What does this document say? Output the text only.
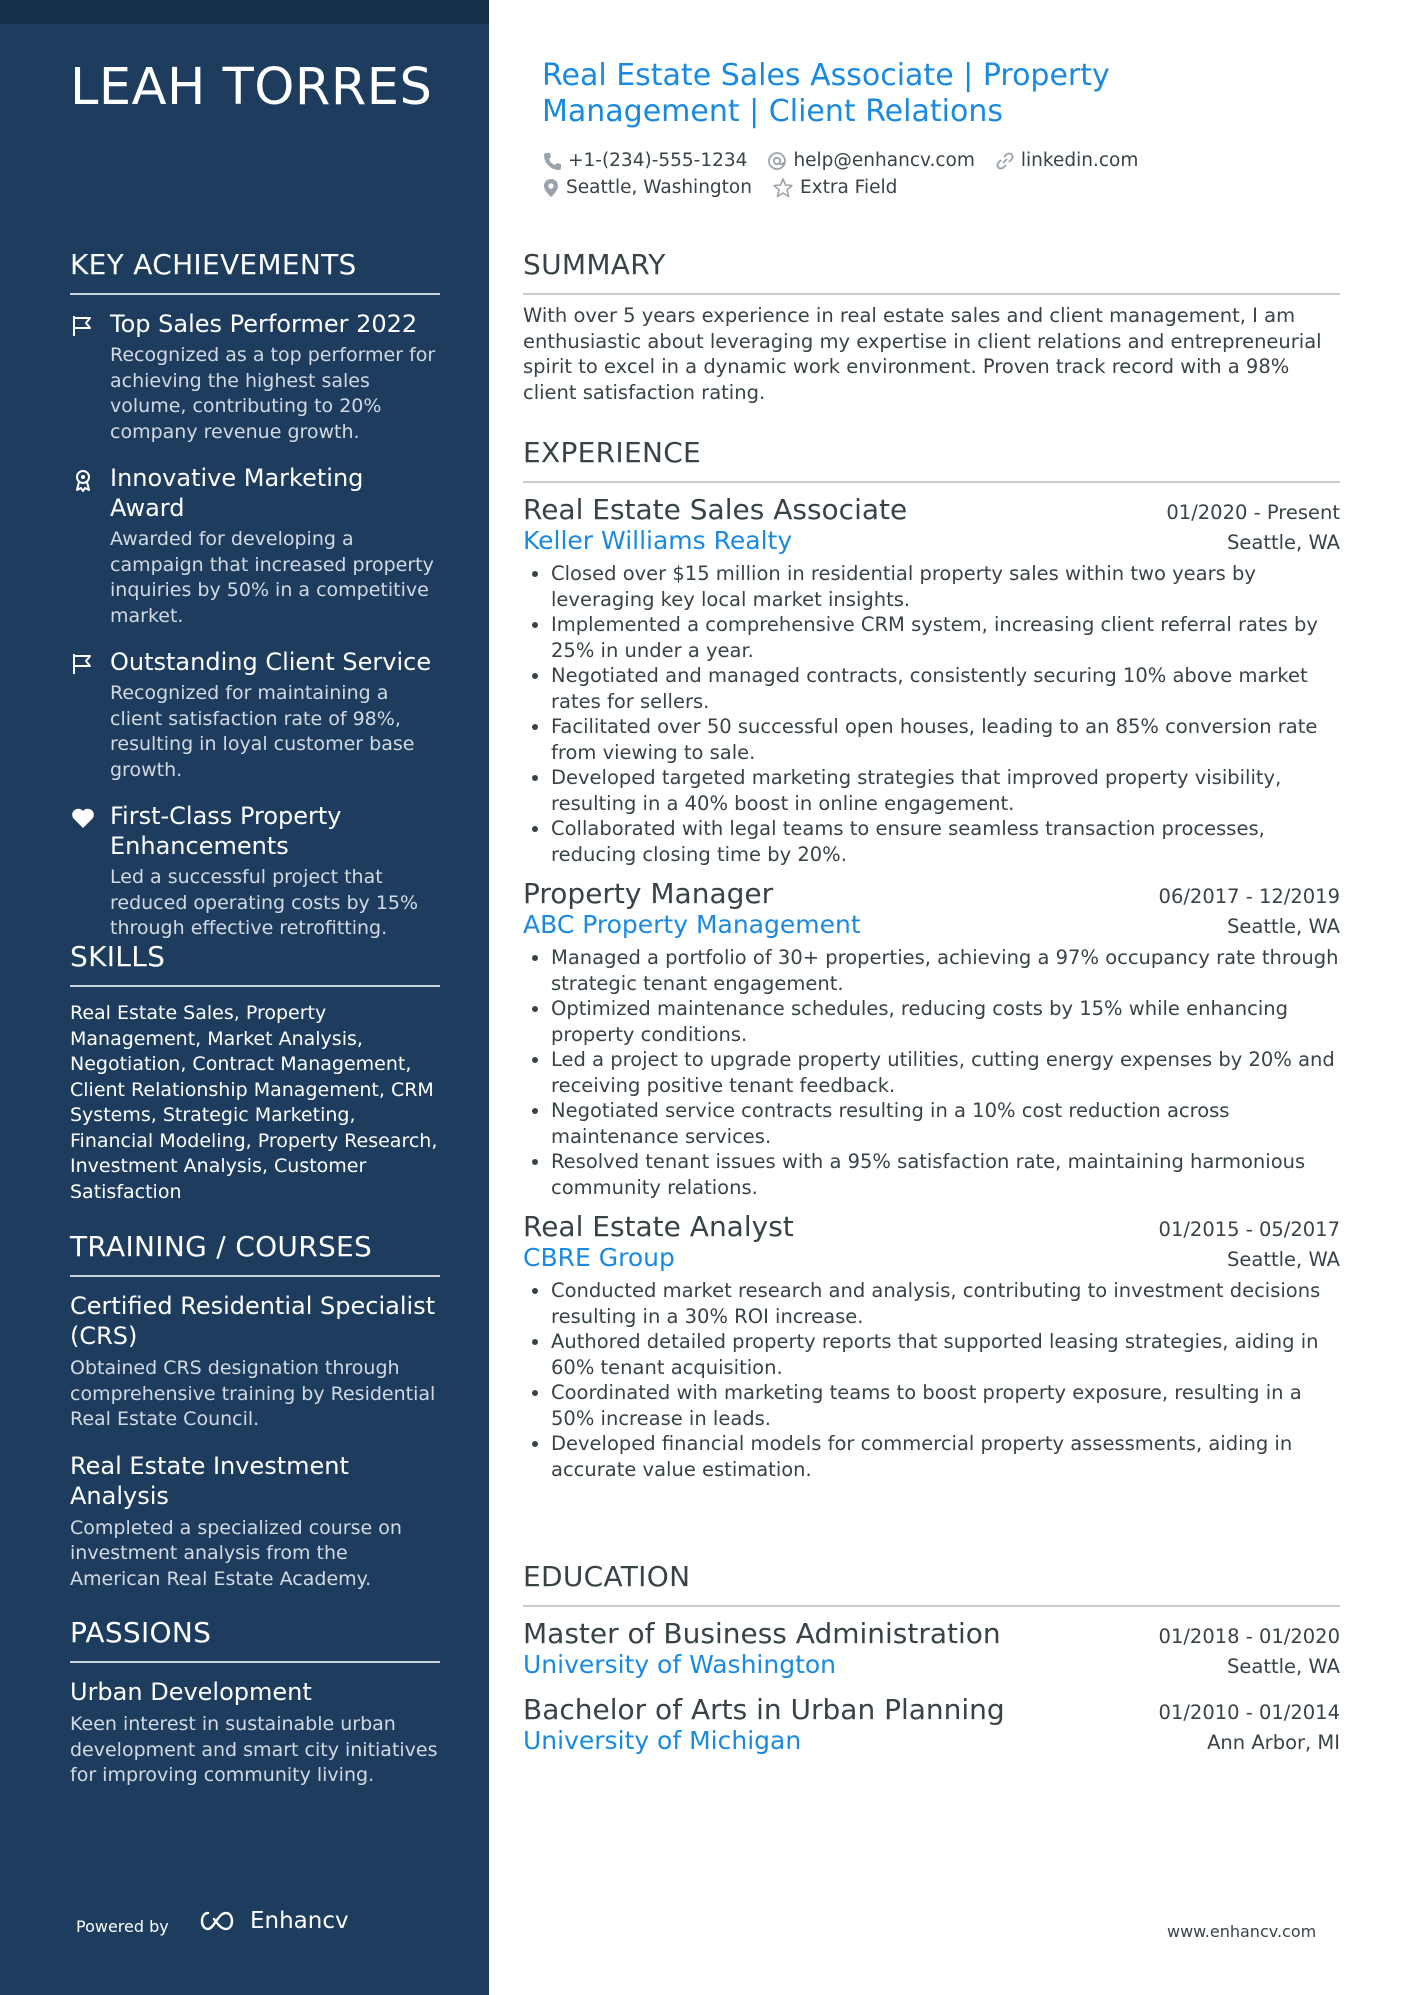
LEAH TORRES
KEY ACHIEVEMENTS
Top Sales Performer 2022
Recognized as a top performer for achieving the highest sales volume, contributing to 20% company revenue growth.
Innovative Marketing Award
Awarded for developing a campaign that increased property inquiries by 50% in a competitive market.
Outstanding Client Service
Recognized for maintaining a client satisfaction rate of 98%, resulting in loyal customer base growth.
First-Class Property Enhancements
Led a successful project that reduced operating costs by 15% through effective retrofitting.
SKILLS
Real Estate Sales, Property Management, Market Analysis, Negotiation, Contract Management, Client Relationship Management, CRM Systems, Strategic Marketing, Financial Modeling, Property Research, Investment Analysis, Customer Satisfaction
TRAINING / COURSES
Certified Residential Specialist (CRS)
Obtained CRS designation through comprehensive training by Residential Real Estate Council.
Real Estate Investment Analysis
Completed a specialized course on investment analysis from the American Real Estate Academy.
PASSIONS
Urban Development
Keen interest in sustainable urban development and smart city initiatives for improving community living.
Powered by	Enhancv
Real Estate Sales Associate | Property Management | Client Relations
+1-(234)-555-1234 help@enhancv.com linkedin.com
Seattle, Washington	Extra Field
SUMMARY
With over 5 years experience in real estate sales and client management, I am enthusiastic about leveraging my expertise in client relations and entrepreneurial spirit to excel in a dynamic work environment. Proven track record with a 98% client satisfaction rating.
EXPERIENCE
Real Estate Sales Associate	01/2020 - Present
Keller Williams Realty	Seattle, WA
• Closed over $15 million in residential property sales within two years by leveraging key local market insights.
• Implemented a comprehensive CRM system, increasing client referral rates by 25% in under a year.
• Negotiated and managed contracts, consistently securing 10% above market rates for sellers.
• Facilitated over 50 successful open houses, leading to an 85% conversion rate from viewing to sale.
• Developed targeted marketing strategies that improved property visibility, resulting in a 40% boost in online engagement.
• Collaborated with legal teams to ensure seamless transaction processes, reducing closing time by 20%.
Property Manager	06/2017 - 12/2019
ABC Property Management	Seattle, WA
• Managed a portfolio of 30+ properties, achieving a 97% occupancy rate through strategic tenant engagement.
• Optimized maintenance schedules, reducing costs by 15% while enhancing property conditions.
• Led a project to upgrade property utilities, cutting energy expenses by 20% and receiving positive tenant feedback.
• Negotiated service contracts resulting in a 10% cost reduction across maintenance services.
• Resolved tenant issues with a 95% satisfaction rate, maintaining harmonious community relations.
Real Estate Analyst	01/2015 - 05/2017
CBRE Group	Seattle, WA
• Conducted market research and analysis, contributing to investment decisions resulting in a 30% ROI increase.
• Authored detailed property reports that supported leasing strategies, aiding in 60% tenant acquisition.
• Coordinated with marketing teams to boost property exposure, resulting in a 50% increase in leads.
• Developed financial models for commercial property assessments, aiding in accurate value estimation.
EDUCATION
Master of Business Administration	01/2018 - 01/2020
University of Washington	Seattle, WA
Bachelor of Arts in Urban Planning	01/2010 - 01/2014
University of Michigan	Ann Arbor, MI
www.enhancv.com
